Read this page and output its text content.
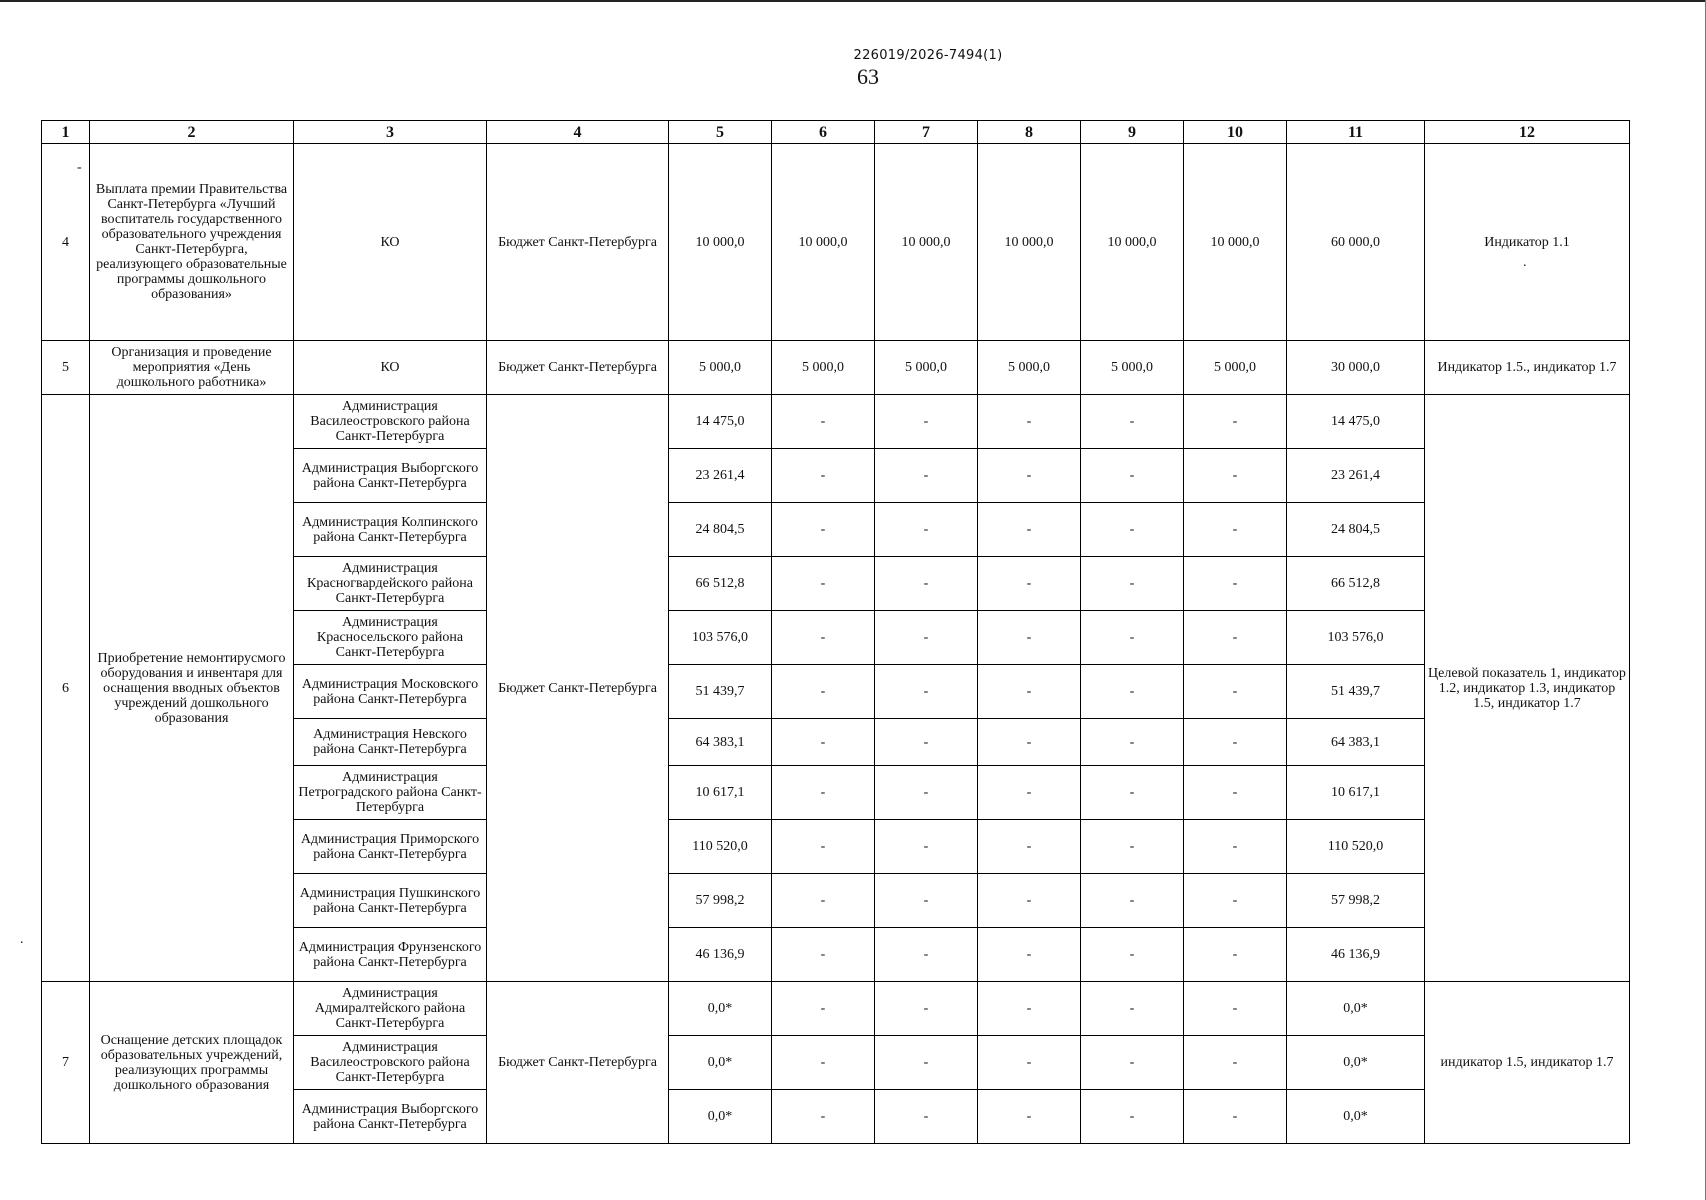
226019/2026-7494(1)
63
1	2	3	4	5	6	7	8	9	10	11	12
4	Выплата премии Правительства Санкт-Петербурга «Лучший воспитатель государственного образовательного учреждения Санкт-Петербурга, реализующего образовательные программы дошкольного образования»	КО	Бюджет Санкт-Петербурга	10 000,0	10 000,0	10 000,0	10 000,0	10 000,0	10 000,0	60 000,0	Индикатор 1.1
5	Организация и проведение мероприятия «День дошкольного работника»	КО	Бюджет Санкт-Петербурга	5 000,0	5 000,0	5 000,0	5 000,0	5 000,0	5 000,0	30 000,0	Индикатор 1.5., индикатор 1.7
6	Приобретение немонтирусмого оборудования и инвентаря для оснащения вводных объектов учреждений дошкольного образования	Администрация Василеостровского района Санкт-Петербурга	Бюджет Санкт-Петербурга	14 475,0	-	-	-	-	-	14 475,0	Целевой показатель 1, индикатор 1.2, индикатор 1.3, индикатор 1.5, индикатор 1.7
		Администрация Выборгского района Санкт-Петербурга		23 261,4	-	-	-	-	-	23 261,4	
		Администрация Колпинского района Санкт-Петербурга		24 804,5	-	-	-	-	-	24 804,5	
		Администрация Красногвардейского района Санкт-Петербурга		66 512,8	-	-	-	-	-	66 512,8	
		Администрация Красносельского района Санкт-Петербурга		103 576,0	-	-	-	-	-	103 576,0	
		Администрация Московского района Санкт-Петербурга		51 439,7	-	-	-	-	-	51 439,7	
		Администрация Невского района Санкт-Петербурга		64 383,1	-	-	-	-	-	64 383,1	
		Администрация Петроградского района Санкт-Петербурга		10 617,1	-	-	-	-	-	10 617,1	
		Администрация Приморского района Санкт-Петербурга		110 520,0	-	-	-	-	-	110 520,0	
		Администрация Пушкинского района Санкт-Петербурга		57 998,2	-	-	-	-	-	57 998,2	
		Администрация Фрунзенского района Санкт-Петербурга		46 136,9	-	-	-	-	-	46 136,9	
7	Оснащение детских площадок образовательных учреждений, реализующих программы дошкольного образования	Администрация Адмиралтейского района Санкт-Петербурга	Бюджет Санкт-Петербурга	0,0*	-	-	-	-	-	0,0*	индикатор 1.5, индикатор 1.7
		Администрация Василеостровского района Санкт-Петербурга		0,0*	-	-	-	-	-	0,0*	
		Администрация Выборгского района Санкт-Петербурга		0,0*	-	-	-	-	-	0,0*	
-
.
.
